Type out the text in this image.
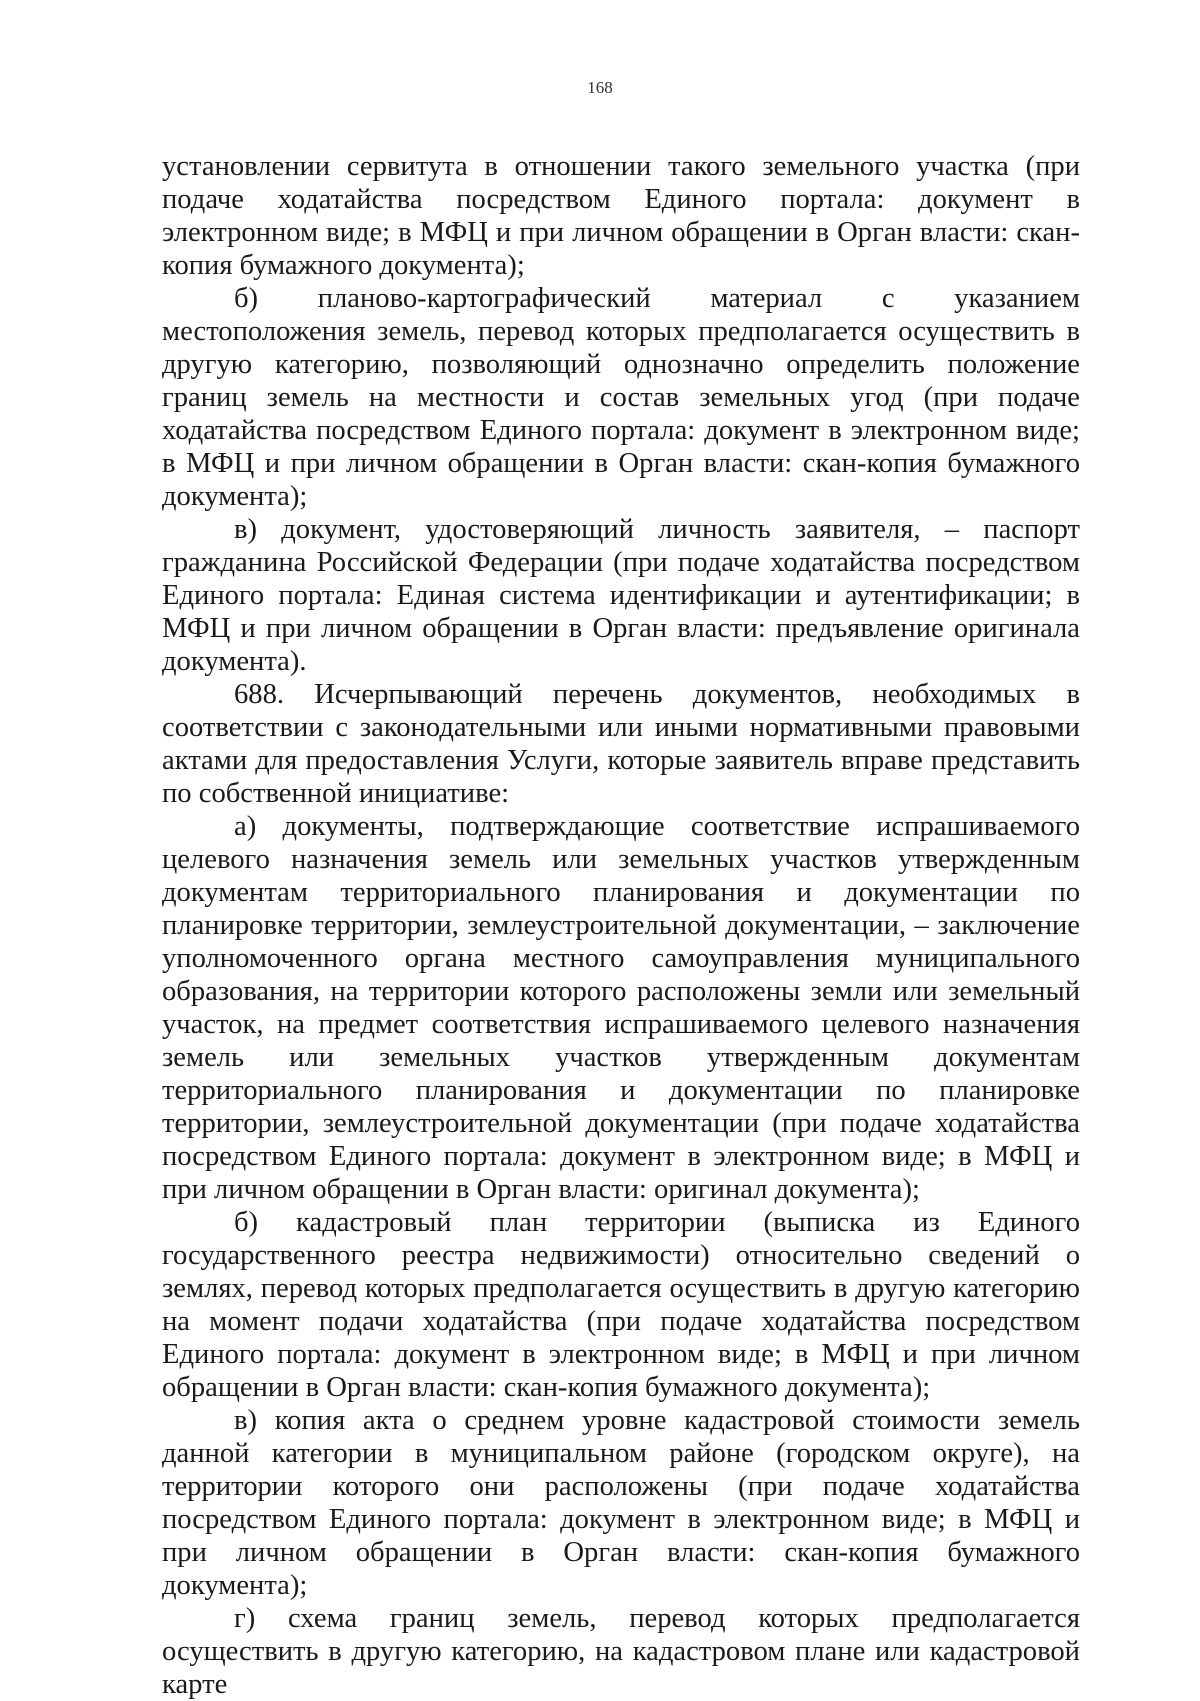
168

установлении сервитута в отношении такого земельного участка (при подаче ходатайства посредством Единого портала: документ в электронном виде; в МФЦ и при личном обращении в Орган власти: скан-копия бумажного документа);

б) планово-картографический материал с указанием местоположения земель, перевод которых предполагается осуществить в другую категорию, позволяющий однозначно определить положение границ земель на местности и состав земельных угод (при подаче ходатайства посредством Единого портала: документ в электронном виде; в МФЦ и при личном обращении в Орган власти: скан-копия бумажного документа);

в) документ, удостоверяющий личность заявителя, – паспорт гражданина Российской Федерации (при подаче ходатайства посредством Единого портала: Единая система идентификации и аутентификации; в МФЦ и при личном обращении в Орган власти: предъявление оригинала документа).

688. Исчерпывающий перечень документов, необходимых в соответствии с законодательными или иными нормативными правовыми актами для предоставления Услуги, которые заявитель вправе представить по собственной инициативе:

а) документы, подтверждающие соответствие испрашиваемого целевого назначения земель или земельных участков утвержденным документам территориального планирования и документации по планировке территории, землеустроительной документации, – заключение уполномоченного органа местного самоуправления муниципального образования, на территории которого расположены земли или земельный участок, на предмет соответствия испрашиваемого целевого назначения земель или земельных участков утвержденным документам территориального планирования и документации по планировке территории, землеустроительной документации (при подаче ходатайства посредством Единого портала: документ в электронном виде; в МФЦ и при личном обращении в Орган власти: оригинал документа);

б) кадастровый план территории (выписка из Единого государственного реестра недвижимости) относительно сведений о землях, перевод которых предполагается осуществить в другую категорию на момент подачи ходатайства (при подаче ходатайства посредством Единого портала: документ в электронном виде; в МФЦ и при личном обращении в Орган власти: скан-копия бумажного документа);

в) копия акта о среднем уровне кадастровой стоимости земель данной категории в муниципальном районе (городском округе), на территории которого они расположены (при подаче ходатайства посредством Единого портала: документ в электронном виде; в МФЦ и при личном обращении в Орган власти: скан-копия бумажного документа);

г) схема границ земель, перевод которых предполагается осуществить в другую категорию, на кадастровом плане или кадастровой карте
